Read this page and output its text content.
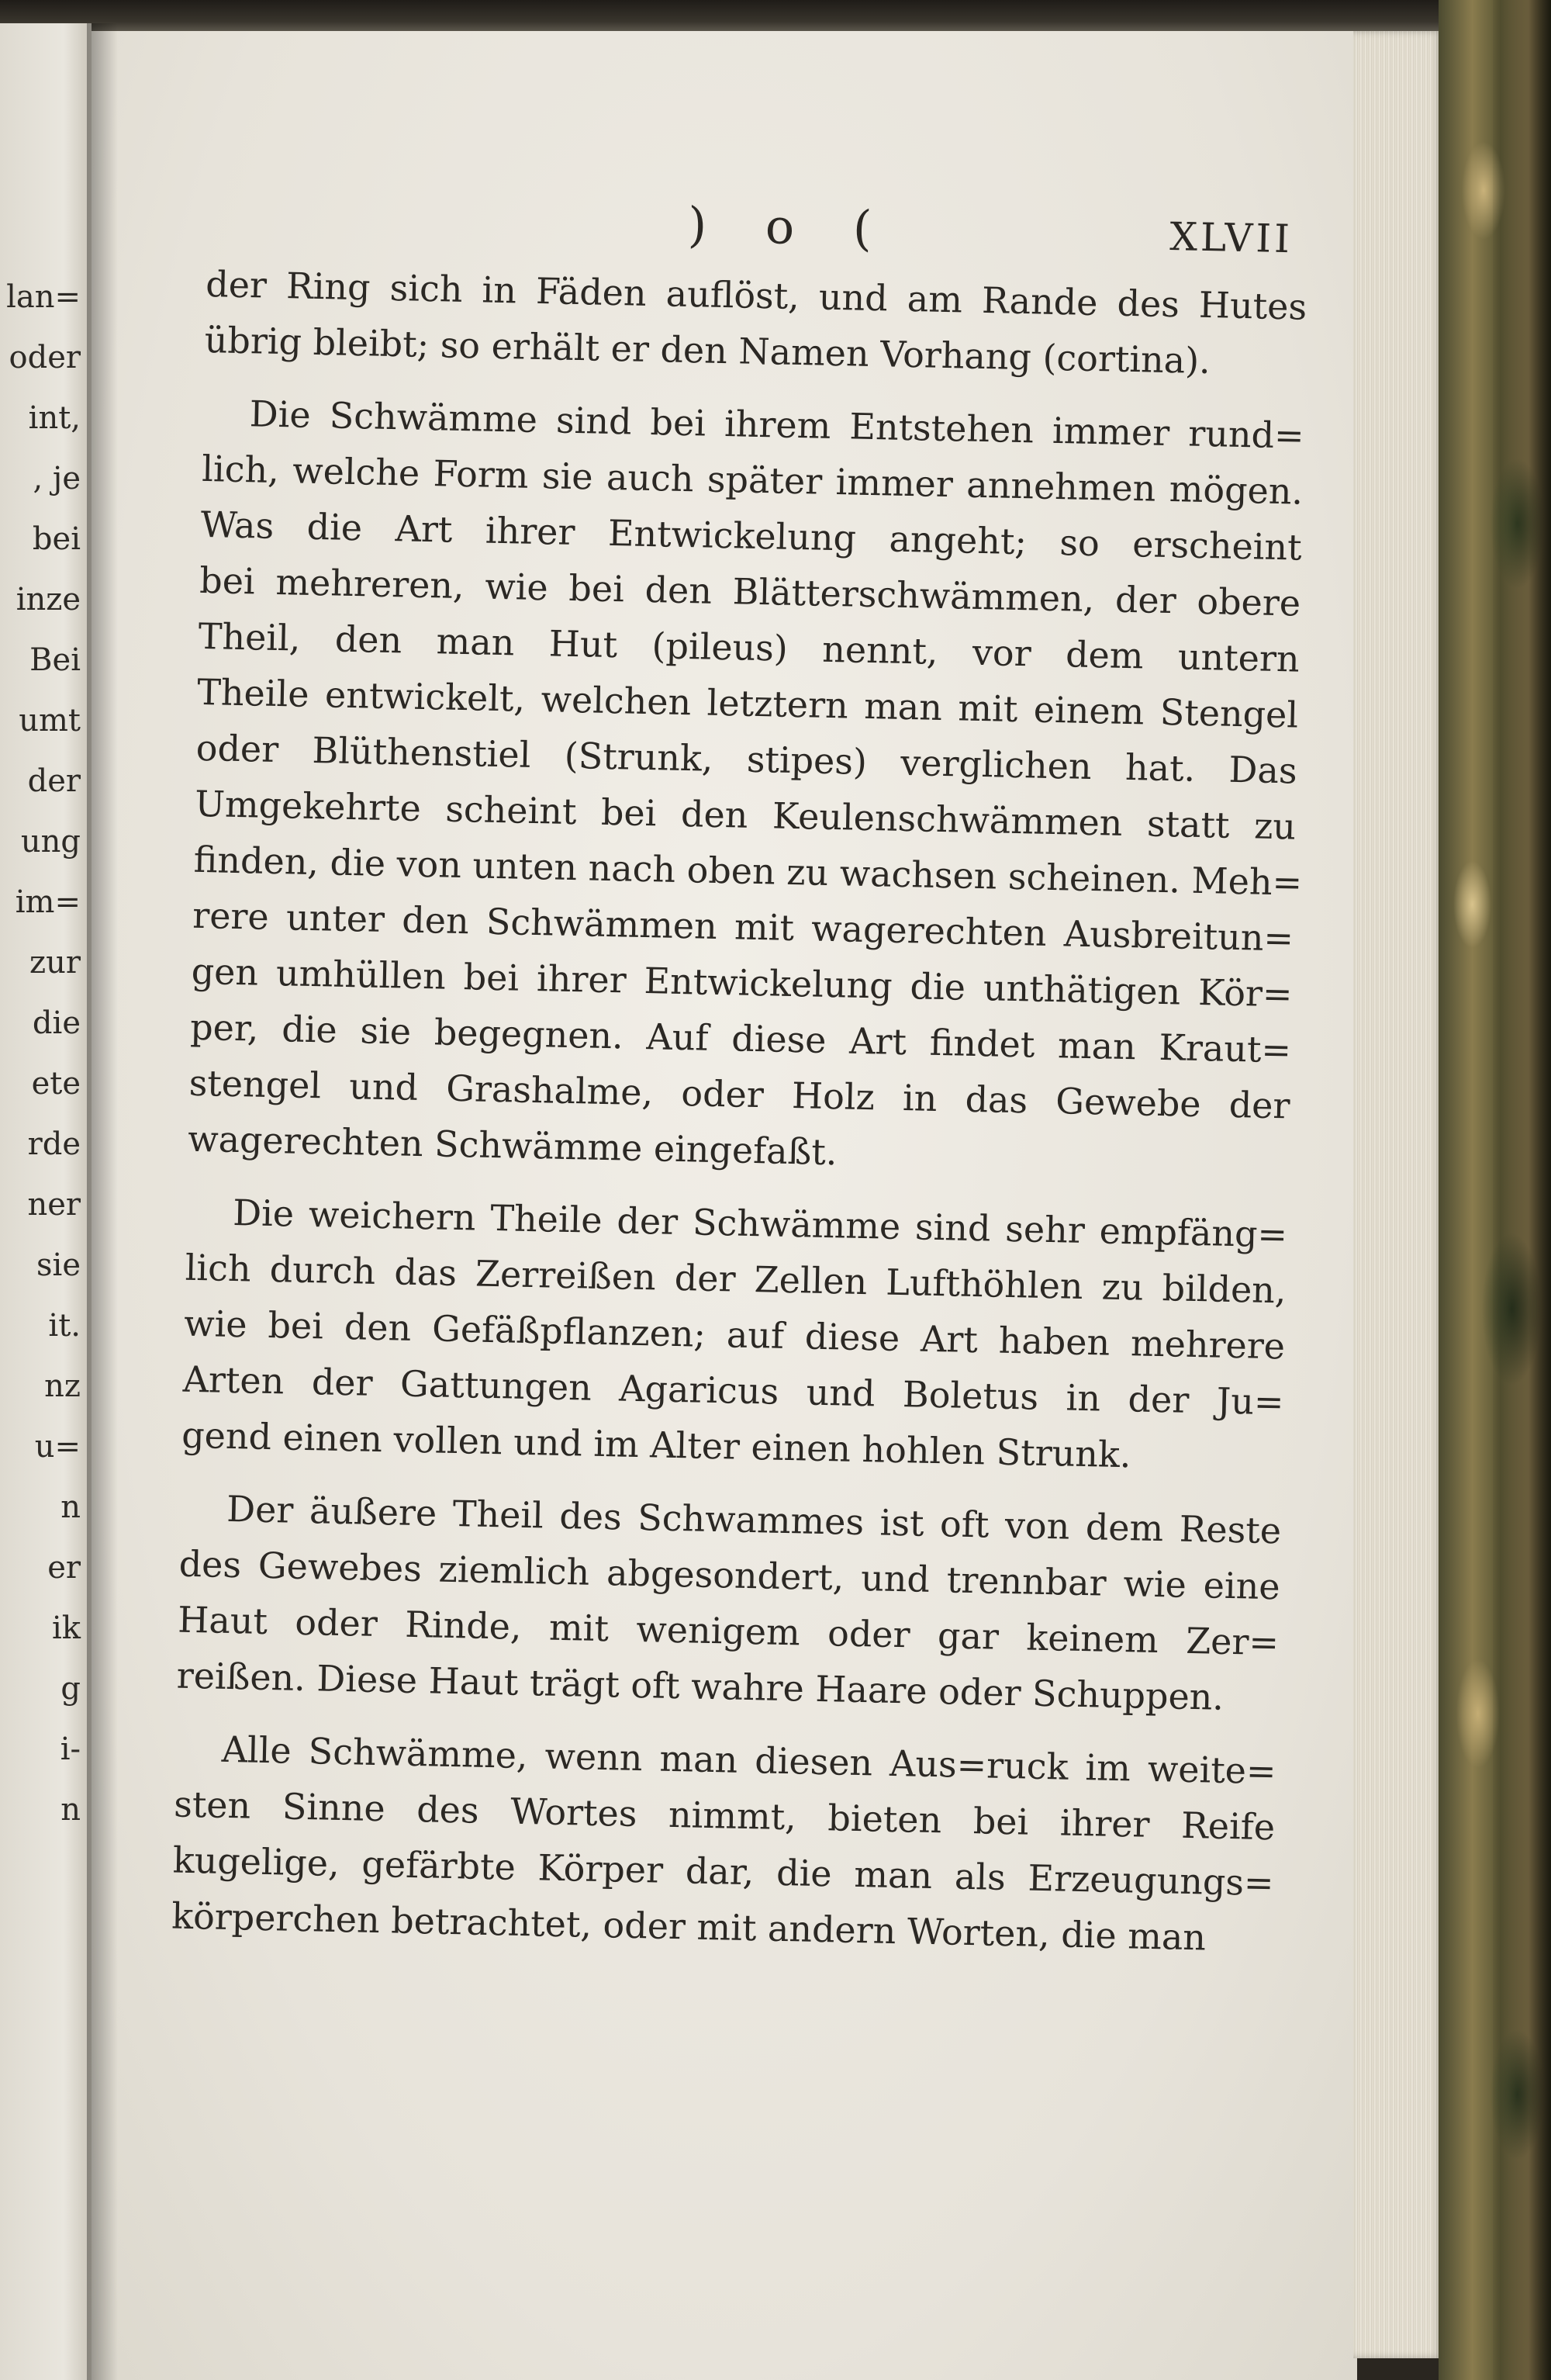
lan=
oder
int,
, je
bei
inze
Bei
umt
der
ung
im=
zur
die
ete
rde
ner
sie
it.
nz
u=
n
er
ik
g
i-
n
) o (	XLVII
der Ring sich in Fäden auflöst, und am Rande des Hutes
übrig bleibt; so erhält er den Namen Vorhang (cortina).
Die Schwämme sind bei ihrem Entstehen immer rund=
lich, welche Form sie auch später immer annehmen mögen.
Was die Art ihrer Entwickelung angeht; so erscheint
bei mehreren, wie bei den Blätterschwämmen, der obere
Theil, den man Hut (pileus) nennt, vor dem untern
Theile entwickelt, welchen letztern man mit einem Stengel
oder Blüthenstiel (Strunk, stipes) verglichen hat. Das
Umgekehrte scheint bei den Keulenschwämmen statt zu
finden, die von unten nach oben zu wachsen scheinen. Meh=
rere unter den Schwämmen mit wagerechten Ausbreitun=
gen umhüllen bei ihrer Entwickelung die unthätigen Kör=
per, die sie begegnen. Auf diese Art findet man Kraut=
stengel und Grashalme, oder Holz in das Gewebe der
wagerechten Schwämme eingefaßt.
Die weichern Theile der Schwämme sind sehr empfäng=
lich durch das Zerreißen der Zellen Lufthöhlen zu bilden,
wie bei den Gefäßpflanzen; auf diese Art haben mehrere
Arten der Gattungen Agaricus und Boletus in der Ju=
gend einen vollen und im Alter einen hohlen Strunk.
Der äußere Theil des Schwammes ist oft von dem Reste
des Gewebes ziemlich abgesondert, und trennbar wie eine
Haut oder Rinde, mit wenigem oder gar keinem Zer=
reißen. Diese Haut trägt oft wahre Haare oder Schuppen.
Alle Schwämme, wenn man diesen Aus=ruck im weite=
sten Sinne des Wortes nimmt, bieten bei ihrer Reife
kugelige, gefärbte Körper dar, die man als Erzeugungs=
körperchen betrachtet, oder mit andern Worten, die man
